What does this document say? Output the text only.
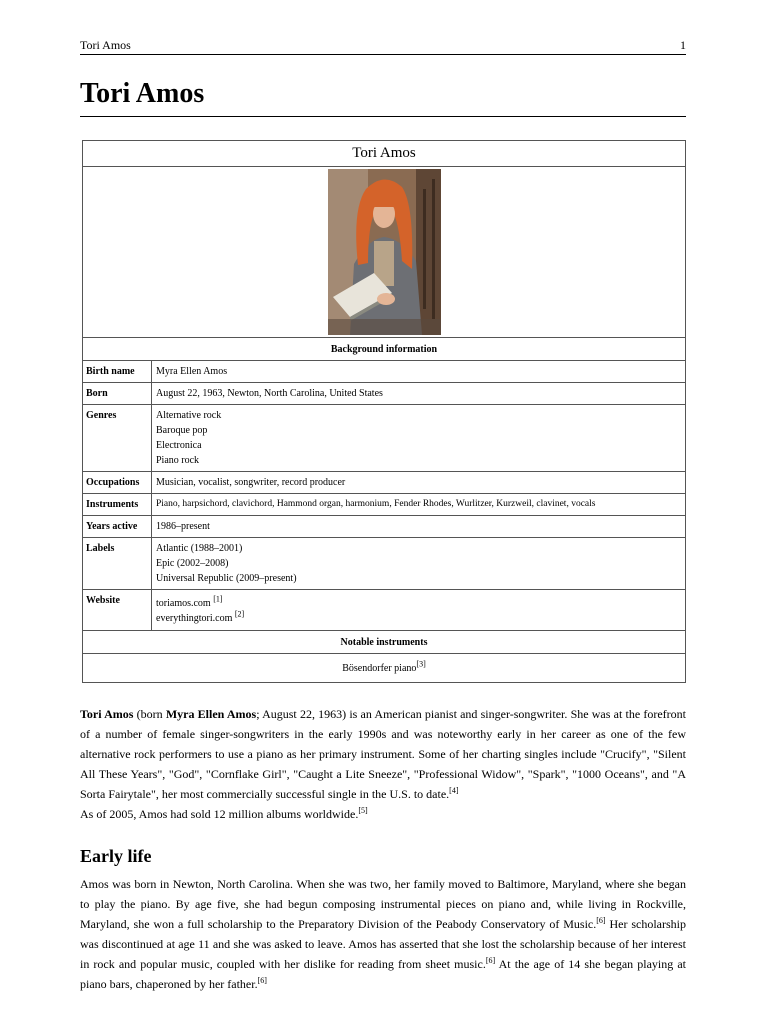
Tori Amos	1
Tori Amos
Tori Amos	

Background information	
Birth name	Myra Ellen Amos

Born	August 22, 1963, Newton, North Carolina, United States

Genres	Alternative rock
Baroque pop
Electronica
Piano rock

Occupations	Musician, vocalist, songwriter, record producer

Instruments	Piano, harpsichord, clavichord, Hammond organ, harmonium, Fender Rhodes, Wurlitzer, Kurzweil, clavinet, vocals

Years active	1986–present

Labels	Atlantic (1988–2001)
Epic (2002–2008)
Universal Republic (2009–present)

Website	toriamos.com [1]
everythingtori.com [2]

Notable instruments	
Bösendorfer piano[3]

Tori Amos (born Myra Ellen Amos; August 22, 1963) is an American pianist and singer-songwriter. She was at the forefront of a number of female singer-songwriters in the early 1990s and was noteworthy early in her career as one of the few alternative rock performers to use a piano as her primary instrument. Some of her charting singles include "Crucify", "Silent All These Years", "God", "Cornflake Girl", "Caught a Lite Sneeze", "Professional Widow", "Spark", "1000 Oceans", and "A Sorta Fairytale", her most commercially successful single in the U.S. to date.[4]

As of 2005, Amos had sold 12 million albums worldwide.[5]

Early life

Amos was born in Newton, North Carolina. When she was two, her family moved to Baltimore, Maryland, where she began to play the piano. By age five, she had begun composing instrumental pieces on piano and, while living in Rockville, Maryland, she won a full scholarship to the Preparatory Division of the Peabody Conservatory of Music.[6] Her scholarship was discontinued at age 11 and she was asked to leave. Amos has asserted that she lost the scholarship because of her interest in rock and popular music, coupled with her dislike for reading from sheet music.[6] At the age of 14 she began playing at piano bars, chaperoned by her father.[6]
